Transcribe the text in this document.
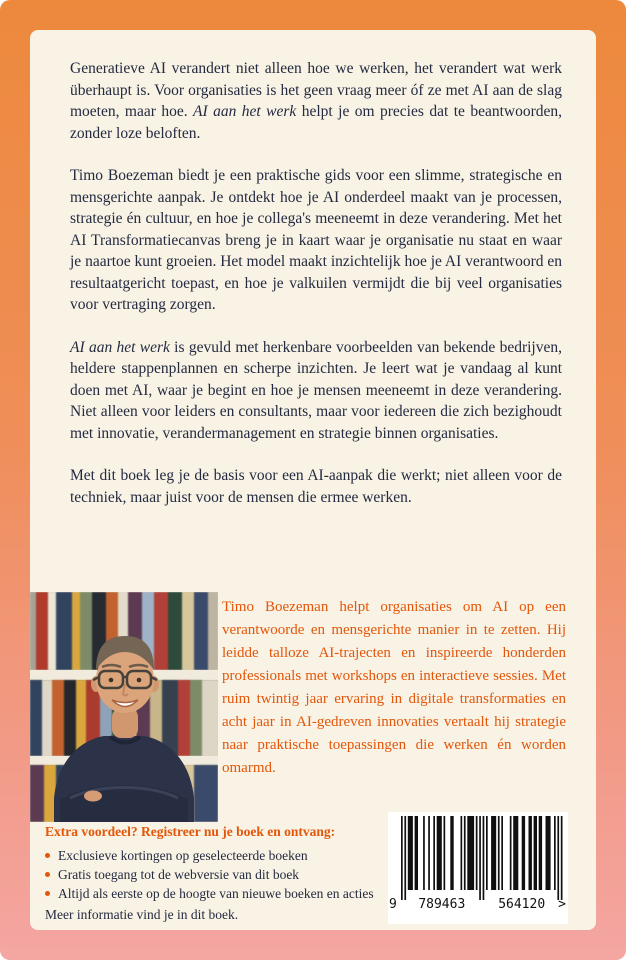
Generatieve AI verandert niet alleen hoe we werken, het verandert wat werk überhaupt is. Voor organisaties is het geen vraag meer óf ze met AI aan de slag moeten, maar hoe. AI aan het werk helpt je om precies dat te beantwoorden, zonder loze beloften.

Timo Boezeman biedt je een praktische gids voor een slimme, strategische en mensgerichte aanpak. Je ontdekt hoe je AI onderdeel maakt van je processen, strategie én cultuur, en hoe je collega's meeneemt in deze verandering. Met het AI Transformatiecanvas breng je in kaart waar je organisatie nu staat en waar je naartoe kunt groeien. Het model maakt inzichtelijk hoe je AI verantwoord en resultaatgericht toepast, en hoe je valkuilen vermijdt die bij veel organisaties voor vertraging zorgen.

AI aan het werk is gevuld met herkenbare voorbeelden van bekende bedrijven, heldere stappenplannen en scherpe inzichten. Je leert wat je vandaag al kunt doen met AI, waar je begint en hoe je mensen meeneemt in deze verandering. Niet alleen voor leiders en consultants, maar voor iedereen die zich bezighoudt met innovatie, verandermanagement en strategie binnen organisaties.

Met dit boek leg je de basis voor een AI-aanpak die werkt; niet alleen voor de techniek, maar juist voor de mensen die ermee werken.

Timo Boezeman helpt organisaties om AI op een verantwoorde en mensgerichte manier in te zetten. Hij leidde talloze AI-trajecten en inspireerde honderden professionals met workshops en interactieve sessies. Met ruim twintig jaar ervaring in digitale transformaties en acht jaar in AI-gedreven innovaties vertaalt hij strategie naar praktische toepassingen die werken én worden omarmd.
Extra voordeel? Registreer nu je boek en ontvang:
Exclusieve kortingen op geselecteerde boeken
Gratis toegang tot de webversie van dit boek
Altijd als eerste op de hoogte van nieuwe boeken en acties
Meer informatie vind je in dit boek.
9 789463	564120 >
